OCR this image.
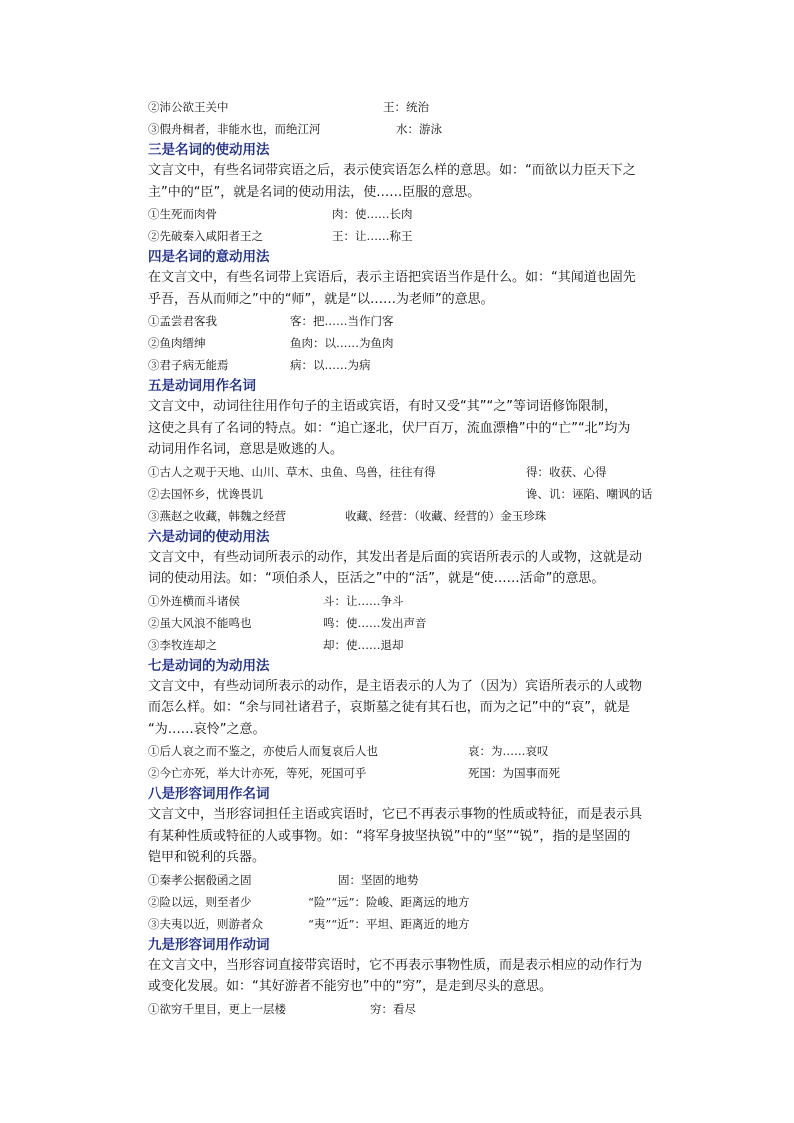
②沛公欲王关中	王：统治
③假舟楫者，非能水也，而绝江河	水：游泳
三是名词的使动用法
文言文中，有些名词带宾语之后，表示使宾语怎么样的意思。如：“而欲以力臣天下之
主”中的“臣”，就是名词的使动用法，使……臣服的意思。
①生死而肉骨	肉：使……长肉
②先破秦入咸阳者王之	王：让……称王
四是名词的意动用法
在文言文中，有些名词带上宾语后，表示主语把宾语当作是什么。如：“其闻道也固先
乎吾，吾从而师之”中的“师”，就是“以……为老师”的意思。
①孟尝君客我	客：把……当作门客
②鱼肉缙绅	鱼肉：以……为鱼肉
③君子病无能焉	病：以……为病
五是动词用作名词
文言文中，动词往往用作句子的主语或宾语，有时又受“其”“之”等词语修饰限制，
这使之具有了名词的特点。如：“追亡逐北，伏尸百万，流血漂橹”中的“亡”“北”均为
动词用作名词，意思是败逃的人。
①古人之观于天地、山川、草木、虫鱼、鸟兽，往往有得	得：收获、心得
②去国怀乡，忧谗畏讥	谗、讥：诬陷、嘲讽的话
③燕赵之收藏，韩魏之经营	收藏、经营：（收藏、经营的）金玉珍珠
六是动词的使动用法
文言文中，有些动词所表示的动作，其发出者是后面的宾语所表示的人或物，这就是动
词的使动用法。如：“项伯杀人，臣活之”中的“活”，就是“使……活命”的意思。
①外连横而斗诸侯	斗：让……争斗
②虽大风浪不能鸣也	鸣：使……发出声音
③李牧连却之	却：使……退却
七是动词的为动用法
文言文中，有些动词所表示的动作，是主语表示的人为了（因为）宾语所表示的人或物
而怎么样。如：“余与同社诸君子，哀斯墓之徒有其石也，而为之记”中的“哀”，就是
“为……哀怜”之意。
①后人哀之而不鉴之，亦使后人而复哀后人也	哀：为……哀叹
②今亡亦死，举大计亦死，等死，死国可乎	死国：为国事而死
八是形容词用作名词
文言文中，当形容词担任主语或宾语时，它已不再表示事物的性质或特征，而是表示具
有某种性质或特征的人或事物。如：“将军身披坚执锐”中的“坚”“锐”，指的是坚固的
铠甲和锐利的兵器。
①秦孝公据殽函之固	固：坚固的地势
②险以远，则至者少	“险”“远”：险峻、距离远的地方
③夫夷以近，则游者众	“夷”“近”：平坦、距离近的地方
九是形容词用作动词
在文言文中，当形容词直接带宾语时，它不再表示事物性质，而是表示相应的动作行为
或变化发展。如：“其好游者不能穷也”中的“穷”，是走到尽头的意思。
①欲穷千里目，更上一层楼	穷：看尽
